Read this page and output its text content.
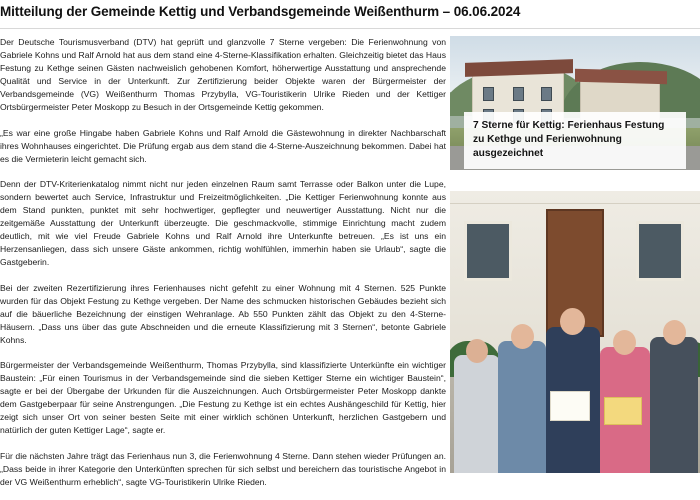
Mitteilung der Gemeinde Kettig und Verbandsgemeinde Weißenthurm – 06.06.2024

Der Deutsche Tourismusverband (DTV) hat geprüft und glanzvolle 7 Sterne vergeben: Die Ferienwohnung von Gabriele Kohns und Ralf Arnold hat aus dem stand eine 4-Sterne-Klassifikation erhalten. Gleichzeitig bietet das Haus Festung zu Kethge seinen Gästen nachweislich gehobenen Komfort, höherwertige Ausstattung und ansprechende Qualität und Service in der Unterkunft. Zur Zertifizierung beider Objekte waren der Bürgermeister der Verbandsgemeinde (VG) Weißenthurm Thomas Przybylla, VG-Touristikerin Ulrike Rieden und der Kettiger Ortsbürgermeister Peter Moskopp zu Besuch in der Ortsgemeinde Kettig gekommen.

„Es war eine große Hingabe haben Gabriele Kohns und Ralf Arnold die Gästewohnung in direkter Nachbarschaft ihres Wohnhauses eingerichtet. Die Prüfung ergab aus dem stand die 4-Sterne-Auszeichnung bekommen. Dabei hat es die Vermieterin leicht gemacht sich.

Denn der DTV-Kriterienkatalog nimmt nicht nur jeden einzelnen Raum samt Terrasse oder Balkon unter die Lupe, sondern bewertet auch Service, Infrastruktur und Freizeitmöglichkeiten. „Die Kettiger Ferienwohnung konnte aus dem Stand punkten, punktet mit sehr hochwertiger, gepflegter und neuwertiger Ausstattung. Nicht nur die zeitgemäße Ausstattung der Unterkunft überzeugte. Die geschmackvolle, stimmige Einrichtung macht zudem deutlich, mit wie viel Freude Gabriele Kohns und Ralf Arnold ihre Unterkunfte betreuen. „Es ist uns ein Herzensanliegen, dass sich unsere Gäste ankommen, richtig wohlfühlen, immerhin haben sie Urlaub“, sagte die Gastgeberin.

Bei der zweiten Rezertifizierung ihres Ferienhauses nicht gefehlt zu einer Wohnung mit 4 Sternen. 525 Punkte wurden für das Objekt Festung zu Kethge vergeben. Der Name des schmucken historischen Gebäudes bezieht sich auf die bäuerliche Bezeichnung der einstigen Wehranlage. Ab 550 Punkten zählt das Objekt zu den 4-Sterne-Häusern. „Dass uns über das gute Abschneiden und die erneute Klassifizierung mit 3 Sternen“, betonte Gabriele Kohns.

Bürgermeister der Verbandsgemeinde Weißenthurm, Thomas Przybylla, sind klassifizierte Unterkünfte ein wichtiger Baustein: „Für einen Tourismus in der Verbandsgemeinde sind die sieben Kettiger Sterne ein wichtiger Baustein“, sagte er bei der Übergabe der Urkunden für die Auszeichnungen. Auch Ortsbürgermeister Peter Moskopp dankte dem Gastgeberpaar für seine Anstrengungen. „Die Festung zu Kethge ist ein echtes Aushängeschild für Kettig, hier zeigt sich unser Ort von seiner besten Seite mit einer wirklich schönen Unterkunft, herzlichen Gastgebern und natürlich der guten Kettiger Lage“, sagte er.

Für die nächsten Jahre trägt das Ferienhaus nun 3, die Ferienwohnung 4 Sterne. Dann stehen wieder Prüfungen an. „Dass beide in ihrer Kategorie den Unterkünften sprechen für sich selbst und bereichern das touristische Angebot in der VG Weißenthurm erheblich“, sagte VG-Touristikerin Ulrike Rieden.

7 Sterne für Kettig: Ferienhaus Festung zu Kethge und Ferienwohnung ausgezeichnet
